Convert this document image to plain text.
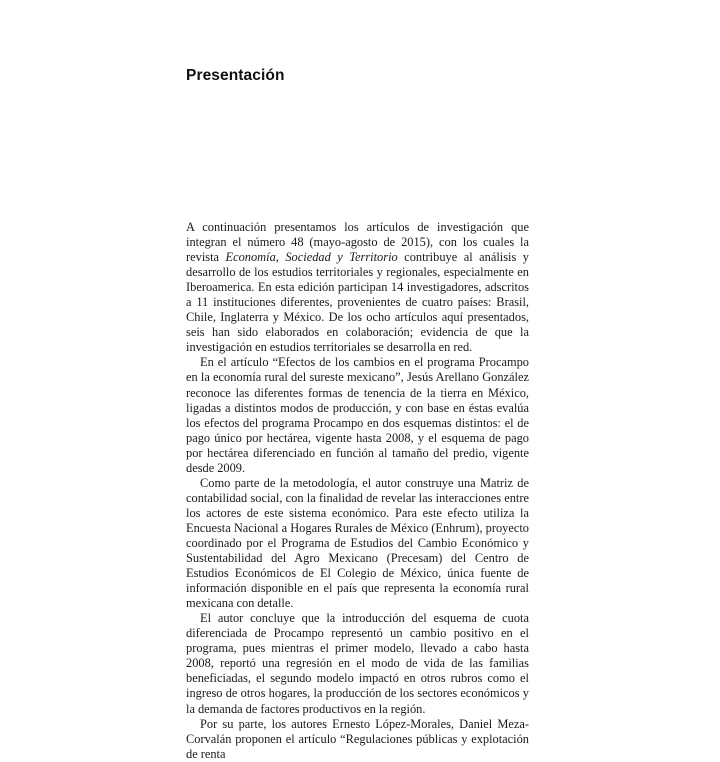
Presentación

A continuación presentamos los artículos de investigación que integran el número 48 (mayo-agosto de 2015), con los cuales la revista Economía, Sociedad y Territorio contribuye al análisis y desarrollo de los estudios territoriales y regionales, especialmente en Iberoamerica. En esta edición participan 14 investigadores, adscritos a 11 instituciones diferentes, provenientes de cuatro países: Brasil, Chile, Inglaterra y México. De los ocho artículos aquí presentados, seis han sido elaborados en colaboración; evidencia de que la investigación en estudios territoriales se desarrolla en red.

En el artículo “Efectos de los cambios en el programa Procampo en la economía rural del sureste mexicano”, Jesús Arellano González reconoce las diferentes formas de tenencia de la tierra en México, ligadas a distintos modos de producción, y con base en éstas evalúa los efectos del programa Procampo en dos esquemas distintos: el de pago único por hectárea, vigente hasta 2008, y el esquema de pago por hectárea diferenciado en función al tamaño del predio, vigente desde 2009.

Como parte de la metodología, el autor construye una Matriz de contabilidad social, con la finalidad de revelar las interacciones entre los actores de este sistema económico. Para este efecto utiliza la Encuesta Nacional a Hogares Rurales de México (Enhrum), proyecto coordinado por el Programa de Estudios del Cambio Económico y Sustentabilidad del Agro Mexicano (Precesam) del Centro de Estudios Económicos de El Colegio de México, única fuente de información disponible en el país que representa la economía rural mexicana con detalle.

El autor concluye que la introducción del esquema de cuota diferenciada de Procampo representó un cambio positivo en el programa, pues mientras el primer modelo, llevado a cabo hasta 2008, reportó una regresión en el modo de vida de las familias beneficiadas, el segundo modelo impactó en otros rubros como el ingreso de otros hogares, la producción de los sectores económicos y la demanda de factores productivos en la región.

Por su parte, los autores Ernesto López-Morales, Daniel Meza-Corvalán proponen el artículo “Regulaciones públicas y explotación de renta
